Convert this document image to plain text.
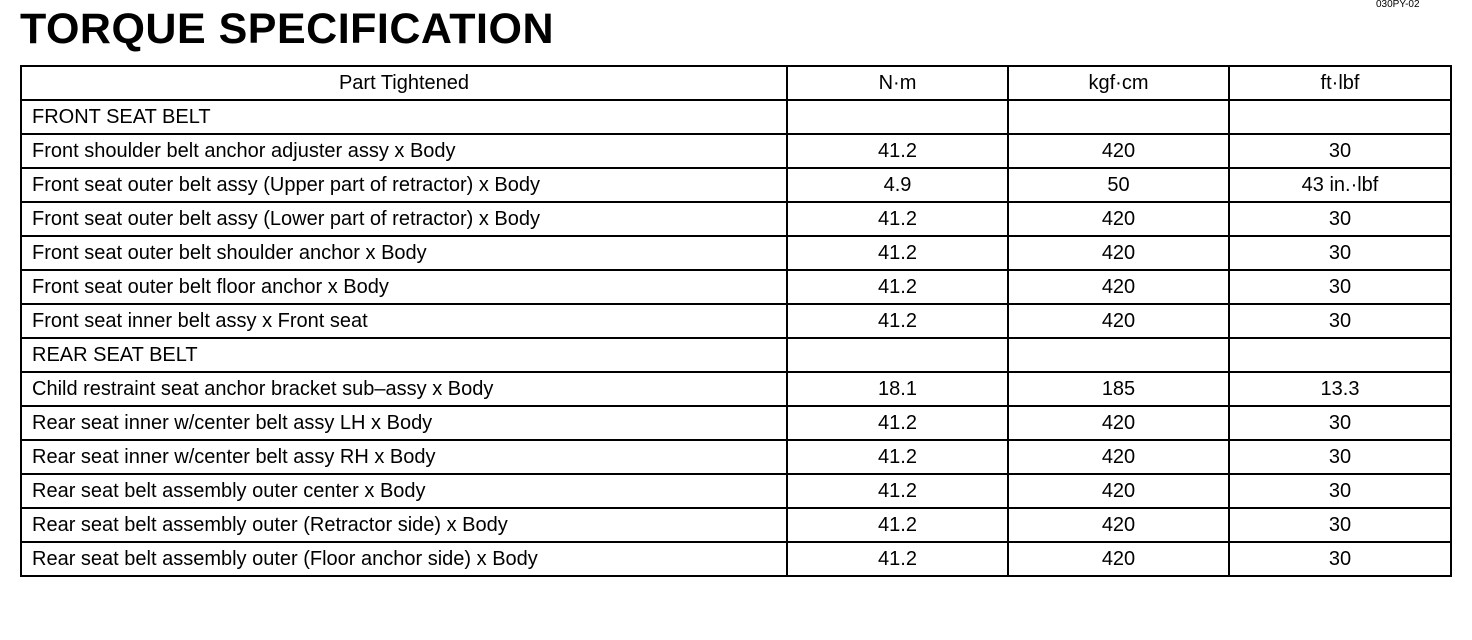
030PY-02
TORQUE SPECIFICATION
Part Tightened	N·m	kgf·cm	ft·lbf
FRONT SEAT BELT			
Front shoulder belt anchor adjuster assy x Body	41.2	420	30
Front seat outer belt assy (Upper part of retractor) x Body	4.9	50	43 in.·lbf
Front seat outer belt assy (Lower part of retractor) x Body	41.2	420	30
Front seat outer belt shoulder anchor x Body	41.2	420	30
Front seat outer belt floor anchor x Body	41.2	420	30
Front seat inner belt assy x Front seat	41.2	420	30
REAR SEAT BELT			
Child restraint seat anchor bracket sub–assy x Body	18.1	185	13.3
Rear seat inner w/center belt assy LH x Body	41.2	420	30
Rear seat inner w/center belt assy RH x Body	41.2	420	30
Rear seat belt assembly outer center x Body	41.2	420	30
Rear seat belt assembly outer (Retractor side) x Body	41.2	420	30
Rear seat belt assembly outer (Floor anchor side) x Body	41.2	420	30
